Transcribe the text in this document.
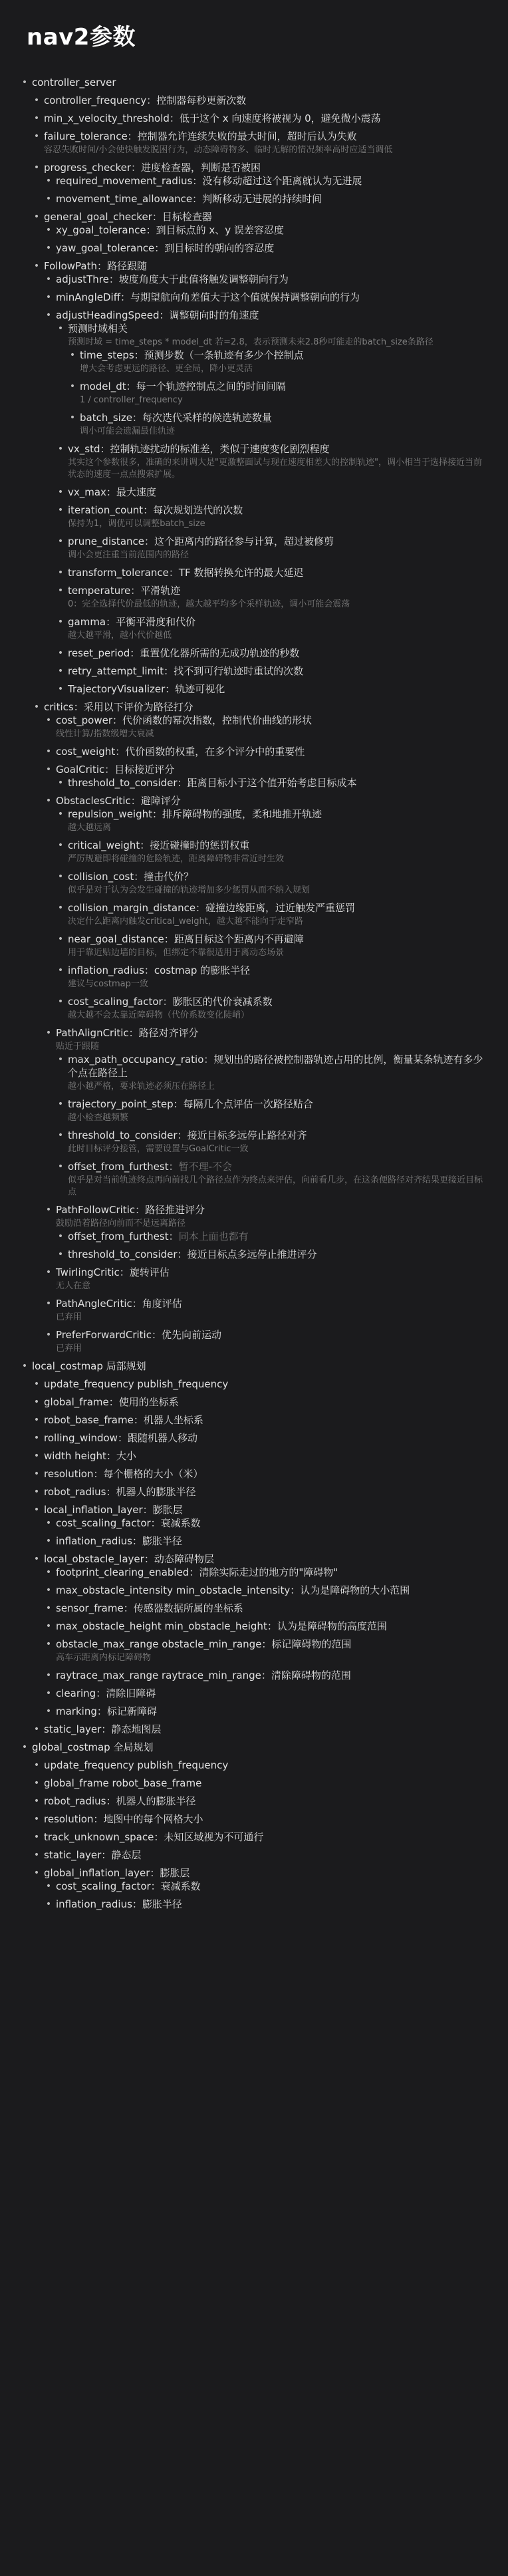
nav2参数
• controller_server
• controller_frequency：控制器每秒更新次数
• min_x_velocity_threshold：低于这个 x 向速度将被视为 0，避免微小震荡
• failure_tolerance：控制器允许连续失败的最大时间，超时后认为失败
容忍失败时间/小会使快触发脱困行为，动态障碍物多、临时无解的情况频率高时应适当调低
• progress_checker：进度检查器，判断是否被困
• required_movement_radius：没有移动超过这个距离就认为无进展
• movement_time_allowance：判断移动无进展的持续时间
• general_goal_checker：目标检查器
• xy_goal_tolerance：到目标点的 x、y 误差容忍度
• yaw_goal_tolerance：到目标时的朝向的容忍度
• FollowPath：路径跟随
• adjustThre：坡度角度大于此值将触发调整朝向行为
• minAngleDiff：与期望航向角差值大于这个值就保持调整朝向的行为
• adjustHeadingSpeed：调整朝向时的角速度
• 预测时域相关
预测时域 = time_steps * model_dt 若=2.8，表示预测未来2.8秒可能走的batch_size条路径
• time_steps：预测步数（一条轨迹有多少个控制点
增大会考虑更远的路径、更全局，降小更灵活
• model_dt：每一个轨迹控制点之间的时间间隔
1 / controller_frequency
• batch_size：每次迭代采样的候选轨迹数量
调小可能会遗漏最佳轨迹
• vx_std：控制轨迹扰动的标准差，类似于速度变化剧烈程度
其实这个参数很多，准确的来讲调大是"更激整面试与现在速度相差大的控制轨迹"，调小相当于选择接近当前状态的速度一点点搜索扩展。
• vx_max：最大速度
• iteration_count：每次规划迭代的次数
保持为1，调优可以调整batch_size
• prune_distance：这个距离内的路径参与计算，超过被修剪
调小会更注重当前范围内的路径
• transform_tolerance：TF 数据转换允许的最大延迟
• temperature：平滑轨迹
0：完全选择代价最低的轨迹，越大越平均多个采样轨迹，调小可能会震荡
• gamma：平衡平滑度和代价
越大越平滑，越小代价越低
• reset_period：重置优化器所需的无成功轨迹的秒数
• retry_attempt_limit：找不到可行轨迹时重试的次数
• TrajectoryVisualizer：轨迹可视化
• critics：采用以下评价为路径打分
• cost_power：代价函数的幂次指数，控制代价曲线的形状
线性计算/指数级增大衰减
• cost_weight：代价函数的权重，在多个评分中的重要性
• GoalCritic：目标接近评分
• threshold_to_consider：距离目标小于这个值开始考虑目标成本
• ObstaclesCritic：避障评分
• repulsion_weight：排斥障碍物的强度，柔和地推开轨迹
越大越远离
• critical_weight：接近碰撞时的惩罚权重
严厉规避即将碰撞的危险轨迹，距离障碍物非常近时生效
• collision_cost：撞击代价？
似乎是对于认为会发生碰撞的轨迹增加多少惩罚从而不纳入规划
• collision_margin_distance：碰撞边缘距离，过近触发严重惩罚
决定什么距离内触发critical_weight，越大越不能向于走窄路
• near_goal_distance：距离目标这个距离内不再避障
用于靠近贴边墙的目标，但绑定不靠很适用于离动态场景
• inflation_radius：costmap 的膨胀半径
建议与costmap一致
• cost_scaling_factor：膨胀区的代价衰减系数
越大越不会太靠近障碍物（代价系数变化陡峭）
• PathAlignCritic：路径对齐评分
贴近于跟随
• max_path_occupancy_ratio：规划出的路径被控制器轨迹占用的比例，衡量某条轨迹有多少个点在路径上
越小越严格，要求轨迹必须压在路径上
• trajectory_point_step：每隔几个点评估一次路径贴合
越小检查越频繁
• threshold_to_consider：接近目标多远停止路径对齐
此时目标评分接管，需要设置与GoalCritic一致
• offset_from_furthest：暂不理-不会
似乎是对当前轨迹终点再向前找几个路径点作为终点来评估，向前看几步，在这条便路径对齐结果更接近目标点
• PathFollowCritic：路径推进评分
鼓励沿着路径向前而不是远离路径
• offset_from_furthest：同本上面也都有
• threshold_to_consider：接近目标点多远停止推进评分
• TwirlingCritic：旋转评估
无人在意
• PathAngleCritic：角度评估
已弃用
• PreferForwardCritic：优先向前运动
已弃用
• local_costmap 局部规划
• update_frequency publish_frequency
• global_frame：使用的坐标系
• robot_base_frame：机器人坐标系
• rolling_window：跟随机器人移动
• width height：大小
• resolution：每个栅格的大小（米）
• robot_radius：机器人的膨胀半径
• local_inflation_layer：膨胀层
• cost_scaling_factor：衰减系数
• inflation_radius：膨胀半径
• local_obstacle_layer：动态障碍物层
• footprint_clearing_enabled：清除实际走过的地方的"障碍物"
• max_obstacle_intensity min_obstacle_intensity：认为是障碍物的大小范围
• sensor_frame：传感器数据所属的坐标系
• max_obstacle_height min_obstacle_height：认为是障碍物的高度范围
• obstacle_max_range obstacle_min_range：标记障碍物的范围
高车示距离内标记障碍物
• raytrace_max_range raytrace_min_range：清除障碍物的范围
• clearing：清除旧障碍
• marking：标记新障碍
• static_layer：静态地图层
• global_costmap 全局规划
• update_frequency publish_frequency
• global_frame robot_base_frame
• robot_radius：机器人的膨胀半径
• resolution：地图中的每个网格大小
• track_unknown_space：未知区域视为不可通行
• static_layer：静态层
• global_inflation_layer：膨胀层
• cost_scaling_factor：衰减系数
• inflation_radius：膨胀半径
